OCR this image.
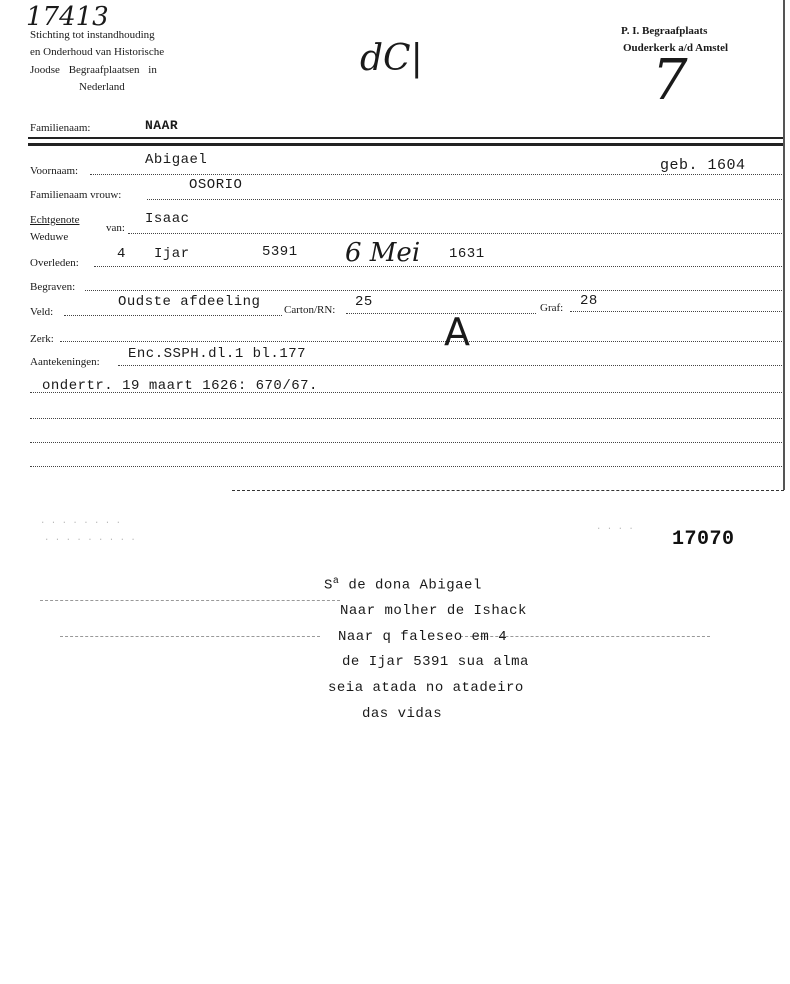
17413
Stichting tot instandhouding
en Onderhoud van Historische
Joodse Begraafplaatsen in
Nederland
dC|
P. I. Begraafplaats
Ouderkerk a/d Amstel
7
Familienaam:	NAAR
Voornaam:
Abigael	geb. 1604
Familienaam vrouw:
OSORIO
Echtgenote
van:
Isaac
Weduwe
Overleden:
4 Ijar	5391 6 Mei 1631
Begraven:
Veld:
Oudste afdeeling Carton/RN: 25	Graf: 28
Zerk:	A
Aantekeningen: Enc.SSPH.dl.1 bl.177
ondertr. 19 maart 1626: 670/67.
· · · · · · · ·
· · · · · · · · ·	17070
· · · ·
$S^a$ de dona Abigael
Naar molher de Ishack
Naar q faleseo em 4
de Ijar 5391 sua alma
seia atada no atadeiro
das vidas
